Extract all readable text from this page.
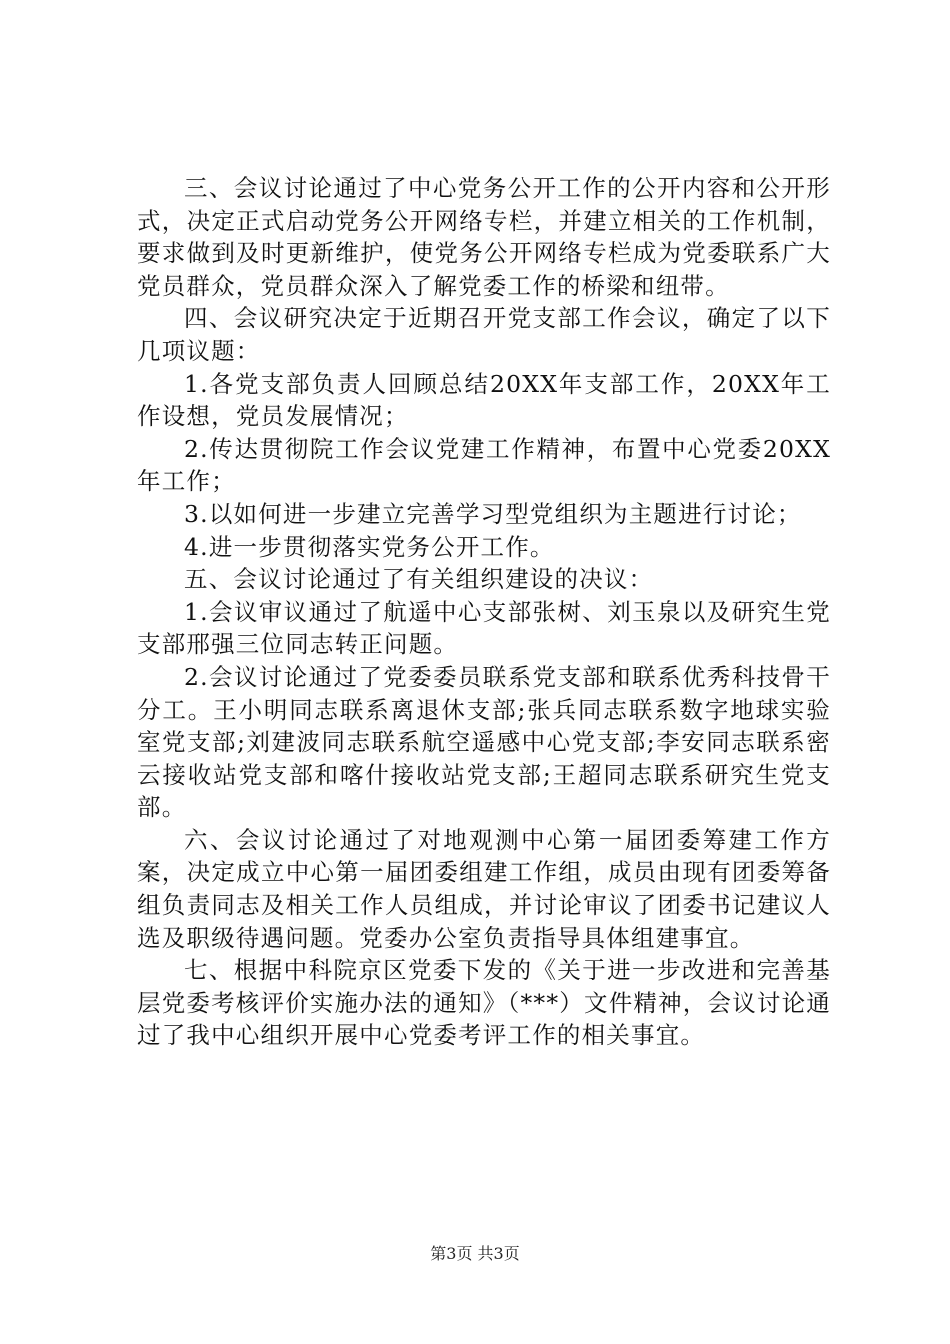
三、会议讨论通过了中心党务公开工作的公开内容和公开形式，决定正式启动党务公开网络专栏，并建立相关的工作机制，要求做到及时更新维护，使党务公开网络专栏成为党委联系广大党员群众，党员群众深入了解党委工作的桥梁和纽带。

四、会议研究决定于近期召开党支部工作会议，确定了以下几项议题：

1.各党支部负责人回顾总结20XX年支部工作，20XX年工作设想，党员发展情况；

2.传达贯彻院工作会议党建工作精神，布置中心党委20XX年工作；

3.以如何进一步建立完善学习型党组织为主题进行讨论；

4.进一步贯彻落实党务公开工作。

五、会议讨论通过了有关组织建设的决议：

1.会议审议通过了航遥中心支部张树、刘玉泉以及研究生党支部邢强三位同志转正问题。

2.会议讨论通过了党委委员联系党支部和联系优秀科技骨干分工。王小明同志联系离退休支部;张兵同志联系数字地球实验室党支部;刘建波同志联系航空遥感中心党支部;李安同志联系密云接收站党支部和喀什接收站党支部;王超同志联系研究生党支部。

六、会议讨论通过了对地观测中心第一届团委筹建工作方案，决定成立中心第一届团委组建工作组，成员由现有团委筹备组负责同志及相关工作人员组成，并讨论审议了团委书记建议人选及职级待遇问题。党委办公室负责指导具体组建事宜。

七、根据中科院京区党委下发的《关于进一步改进和完善基层党委考核评价实施办法的通知》（***）文件精神，会议讨论通过了我中心组织开展中心党委考评工作的相关事宜。

第3页 共3页
